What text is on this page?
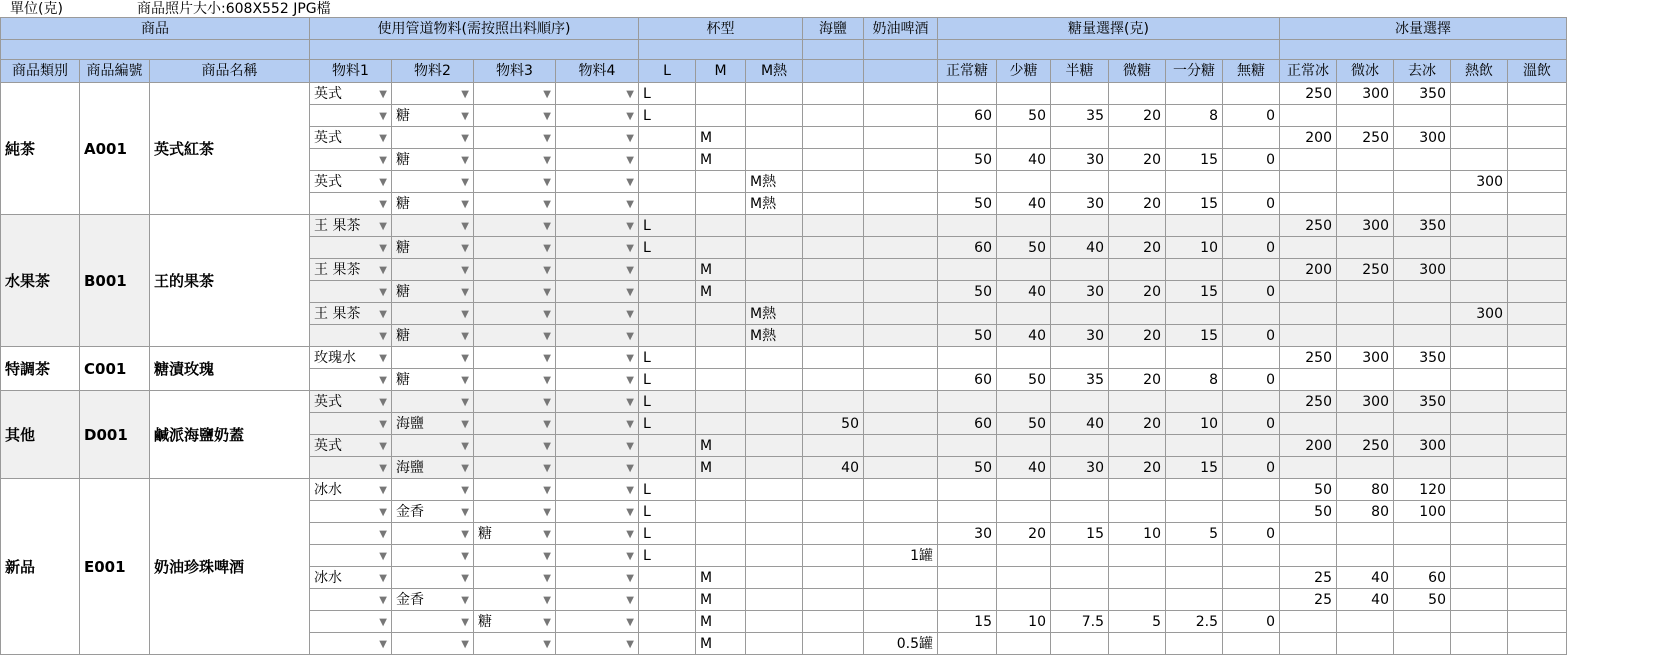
單位(克)	商品照片大小:608X552 JPG檔
商品			使用管道物料(需按照出料順序)				杯型			海鹽	奶油啤酒	糖量選擇(克)						冰量選擇				

商品類別	商品編號	商品名稱	物料1	物料2	物料3	物料4	L	M	M熱			正常糖	少糖	半糖	微糖	一分糖	無糖	正常冰	微冰	去冰	熱飲	溫飲
純茶	A001	英式紅茶	英式 ▼	▼	▼	▼	L											250	300	350		

			▼	糖 ▼	▼	▼	L					60	50	35	20	8	0					
			英式 ▼	▼	▼	▼		M										200	250	300		

			▼	糖 ▼	▼	▼		M				50	40	30	20	15	0					
			英式 ▼	▼	▼	▼			M熱												300	

			▼	糖 ▼	▼	▼			M熱			50	40	30	20	15	0					
水果茶	B001	王的果茶	王 果茶 ▼	▼	▼	▼	L											250	300	350		

			▼	糖 ▼	▼	▼	L					60	50	40	20	10	0					
			王 果茶 ▼	▼	▼	▼		M										200	250	300		

			▼	糖 ▼	▼	▼		M				50	40	30	20	15	0					
			王 果茶 ▼	▼	▼	▼			M熱												300	

			▼	糖 ▼	▼	▼			M熱			50	40	30	20	15	0					
特調茶	C001	糖漬玫瑰	玫瑰水 ▼	▼	▼	▼	L											250	300	350		

			▼	糖 ▼	▼	▼	L					60	50	35	20	8	0					
其他	D001	鹹派海鹽奶蓋	英式 ▼	▼	▼	▼	L											250	300	350		

			▼	海鹽 ▼	▼	▼	L			50		60	50	40	20	10	0					
			英式 ▼	▼	▼	▼		M										200	250	300		

			▼	海鹽 ▼	▼	▼		M		40		50	40	30	20	15	0					
新品	E001	奶油珍珠啤酒	冰水 ▼	▼	▼	▼	L											50	80	120		

			▼	金香 ▼	▼	▼	L											50	80	100		

			▼	▼	糖 ▼	▼	L					30	20	15	10	5	0					

			▼	▼	▼	▼	L				1罐											
			冰水 ▼	▼	▼	▼		M										25	40	60		

			▼	金香 ▼	▼	▼		M										25	40	50		

			▼	▼	糖 ▼	▼		M				15	10	7.5	5	2.5	0					

			▼	▼	▼	▼		M			0.5罐											
